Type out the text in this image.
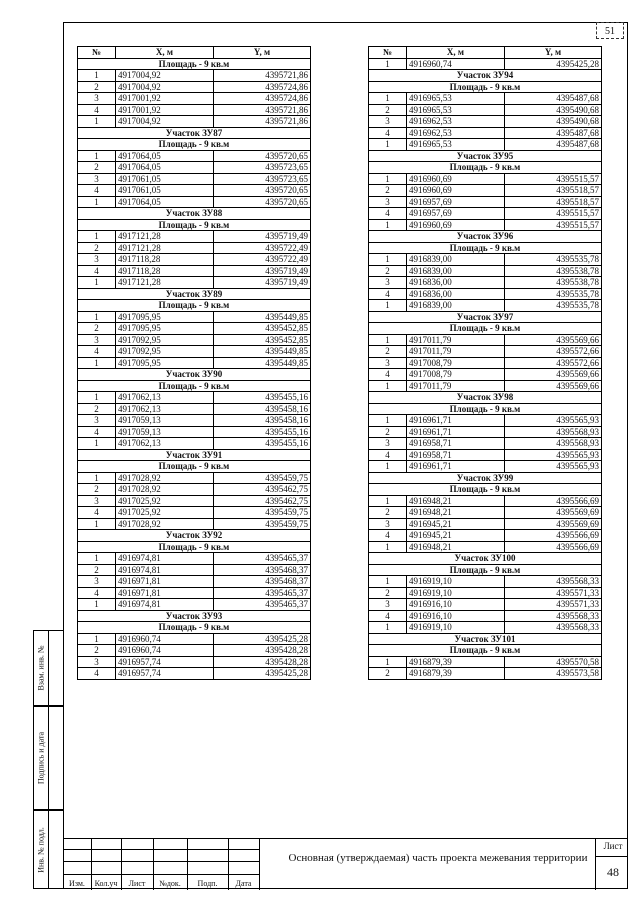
51
№	X, м	Y, м
Площадь - 9 кв.м		
1	4917004,92	4395721,86
2	4917004,92	4395724,86
3	4917001,92	4395724,86
4	4917001,92	4395721,86
1	4917004,92	4395721,86
Участок ЗУ87		
Площадь - 9 кв.м		
1	4917064,05	4395720,65
2	4917064,05	4395723,65
3	4917061,05	4395723,65
4	4917061,05	4395720,65
1	4917064,05	4395720,65
Участок ЗУ88		
Площадь - 9 кв.м		
1	4917121,28	4395719,49
2	4917121,28	4395722,49
3	4917118,28	4395722,49
4	4917118,28	4395719,49
1	4917121,28	4395719,49
Участок ЗУ89		
Площадь - 9 кв.м		
1	4917095,95	4395449,85
2	4917095,95	4395452,85
3	4917092,95	4395452,85
4	4917092,95	4395449,85
1	4917095,95	4395449,85
Участок ЗУ90		
Площадь - 9 кв.м		
1	4917062,13	4395455,16
2	4917062,13	4395458,16
3	4917059,13	4395458,16
4	4917059,13	4395455,16
1	4917062,13	4395455,16
Участок ЗУ91		
Площадь - 9 кв.м		
1	4917028,92	4395459,75
2	4917028,92	4395462,75
3	4917025,92	4395462,75
4	4917025,92	4395459,75
1	4917028,92	4395459,75
Участок ЗУ92		
Площадь - 9 кв.м		
1	4916974,81	4395465,37
2	4916974,81	4395468,37
3	4916971,81	4395468,37
4	4916971,81	4395465,37
1	4916974,81	4395465,37
Участок ЗУ93		
Площадь - 9 кв.м		
1	4916960,74	4395425,28
2	4916960,74	4395428,28
3	4916957,74	4395428,28
4	4916957,74	4395425,28
№	X, м	Y, м
1	4916960,74	4395425,28
Участок ЗУ94		
Площадь - 9 кв.м		
1	4916965,53	4395487,68
2	4916965,53	4395490,68
3	4916962,53	4395490,68
4	4916962,53	4395487,68
1	4916965,53	4395487,68
Участок ЗУ95		
Площадь - 9 кв.м		
1	4916960,69	4395515,57
2	4916960,69	4395518,57
3	4916957,69	4395518,57
4	4916957,69	4395515,57
1	4916960,69	4395515,57
Участок ЗУ96		
Площадь - 9 кв.м		
1	4916839,00	4395535,78
2	4916839,00	4395538,78
3	4916836,00	4395538,78
4	4916836,00	4395535,78
1	4916839,00	4395535,78
Участок ЗУ97		
Площадь - 9 кв.м		
1	4917011,79	4395569,66
2	4917011,79	4395572,66
3	4917008,79	4395572,66
4	4917008,79	4395569,66
1	4917011,79	4395569,66
Участок ЗУ98		
Площадь - 9 кв.м		
1	4916961,71	4395565,93
2	4916961,71	4395568,93
3	4916958,71	4395568,93
4	4916958,71	4395565,93
1	4916961,71	4395565,93
Участок ЗУ99		
Площадь - 9 кв.м		
1	4916948,21	4395566,69
2	4916948,21	4395569,69
3	4916945,21	4395569,69
4	4916945,21	4395566,69
1	4916948,21	4395566,69
Участок ЗУ100		
Площадь - 9 кв.м		
1	4916919,10	4395568,33
2	4916919,10	4395571,33
3	4916916,10	4395571,33
4	4916916,10	4395568,33
1	4916919,10	4395568,33
Участок ЗУ101		
Площадь - 9 кв.м		
1	4916879,39	4395570,58
2	4916879,39	4395573,58
Взам. инв. №
Подпись и дата
Инв. № подл.
Изм.	Кол.уч	Лист	№док.	Подп.	Дата
Основная (утверждаемая) часть проекта межевания территории
Лист
48
